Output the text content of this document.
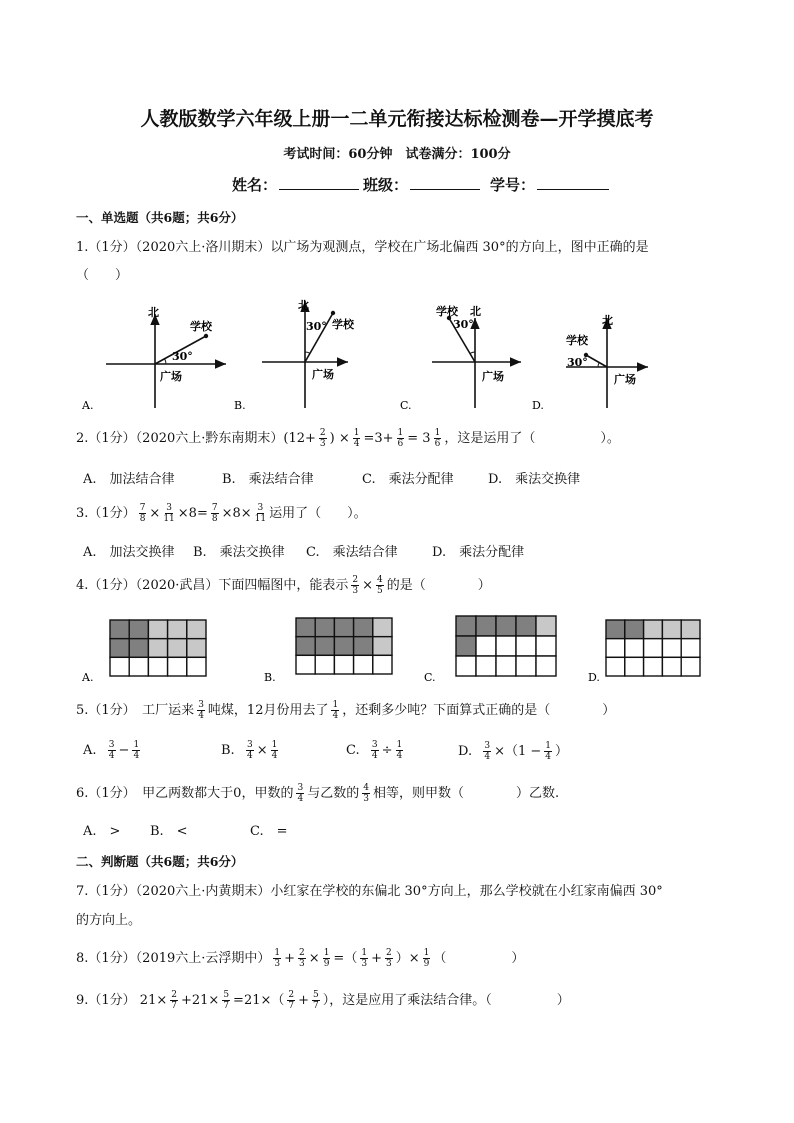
人教版数学六年级上册一二单元衔接达标检测卷—开学摸底考
考试时间：60分钟　试卷满分：100分
姓名：	班级：	学号：
一、单选题（共6题；共6分）
1.（1分）（2020六上·洛川期末）以广场为观测点，学校在广场北偏西 30°的方向上，图中正确的是
（　　）
北
学校
30°
广场
A.
北
学校
30°
广场
B.
学校 北
30°
广场
C.
北
学校
30°
广场
D.
2.（1分）（2020六上·黔东南期末）($12+ \frac{2}{3}$ ) × $\frac{1}{4} =3+ \frac{1}{6} = 3 \frac{1}{6}$ ，这是运用了（　　　　　）。
A.　加法结合律	B.　乘法结合律	C.　乘法分配律	D.　乘法交换律
3.（1分） $\frac{7}{8} \times \frac{3}{11} \times 8= \frac{7}{8} \times 8\times \frac{3}{11}$ 运用了（　　）。
A.　加法交换律 B.　乘法交换律 C.　乘法结合律	D.　乘法分配律
4.（1分）（2020·武昌）下面四幅图中，能表示 $\frac{2}{3} \times \frac{4}{5}$ 的是（　　　　）
A.	B.	C.	D.
5.（1分）　工厂运来 $\frac{3}{4}$ 吨煤，12月份用去了 $\frac{1}{4}$ ，还剩多少吨？下面算式正确的是（　　　　）
A. $\frac{3}{4} - \frac{1}{4}$	B. $\frac{3}{4} \times \frac{1}{4}$	C. $\frac{3}{4} \div \frac{1}{4}$	D. $\frac{3}{4} \times(1 - \frac{1}{4}$ ）
6.（1分）　甲乙两数都大于0，甲数的 $\frac{3}{4}$ 与乙数的 $\frac{4}{3}$ 相等，则甲数（　　　　）乙数.
A.　> B.　<	C.　=
二、判断题（共6题；共6分）
7.（1分）（2020六上·内黄期末）小红家在学校的东偏北 30°方向上，那么学校就在小红家南偏西 30°
的方向上。
8.（1分）（2019六上·云浮期中） $\frac{1}{3} + \frac{2}{3} \times \frac{1}{9}$ =（ $\frac{1}{3} + \frac{2}{3}$ ）× $\frac{1}{9}$ （　　　　　）
9.（1分） $21\times \frac{2}{7} +21\times \frac{5}{7} =21\times( \frac{2}{7} + \frac{5}{7}$ ），这是应用了乘法结合律。（　　　　　）
